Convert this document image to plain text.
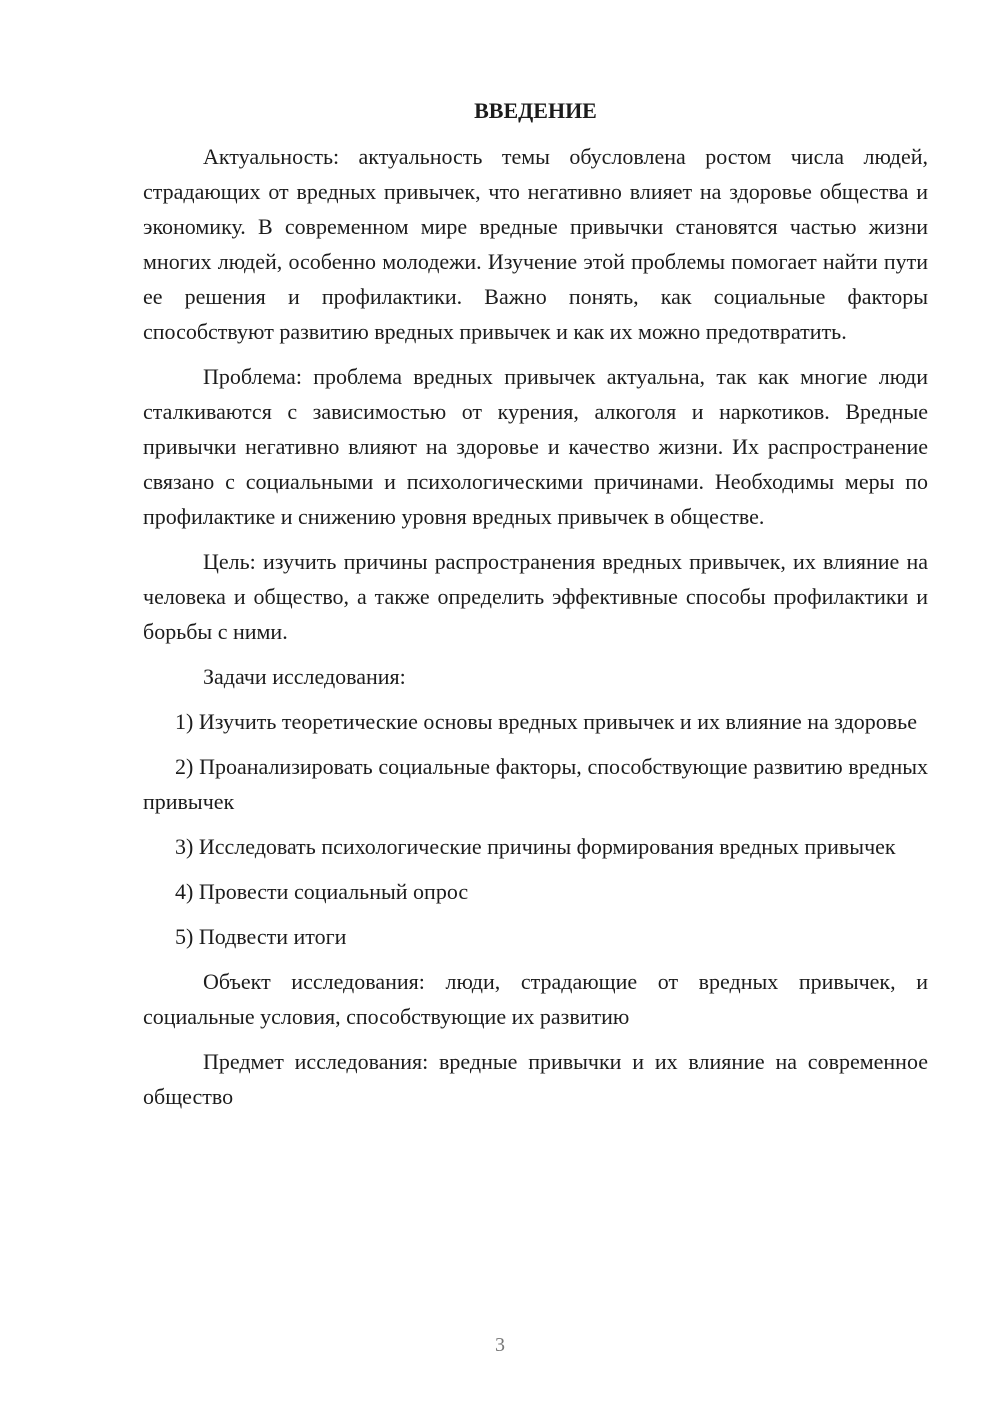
ВВЕДЕНИЕ

Актуальность: актуальность темы обусловлена ростом числа людей, страдающих от вредных привычек, что негативно влияет на здоровье общества и экономику. В современном мире вредные привычки становятся частью жизни многих людей, особенно молодежи. Изучение этой проблемы помогает найти пути ее решения и профилактики. Важно понять, как социальные факторы способствуют развитию вредных привычек и как их можно предотвратить.

Проблема: проблема вредных привычек актуальна, так как многие люди сталкиваются с зависимостью от курения, алкоголя и наркотиков. Вредные привычки негативно влияют на здоровье и качество жизни. Их распространение связано с социальными и психологическими причинами. Необходимы меры по профилактике и снижению уровня вредных привычек в обществе.

Цель: изучить причины распространения вредных привычек, их влияние на человека и общество, а также определить эффективные способы профилактики и борьбы с ними.

Задачи исследования:

1) Изучить теоретические основы вредных привычек и их влияние на здоровье

2) Проанализировать социальные факторы, способствующие развитию вредных привычек

3) Исследовать психологические причины формирования вредных привычек

4) Провести социальный опрос

5) Подвести итоги

Объект исследования: люди, страдающие от вредных привычек, и социальные условия, способствующие их развитию

Предмет исследования: вредные привычки и их влияние на современное общество

3
